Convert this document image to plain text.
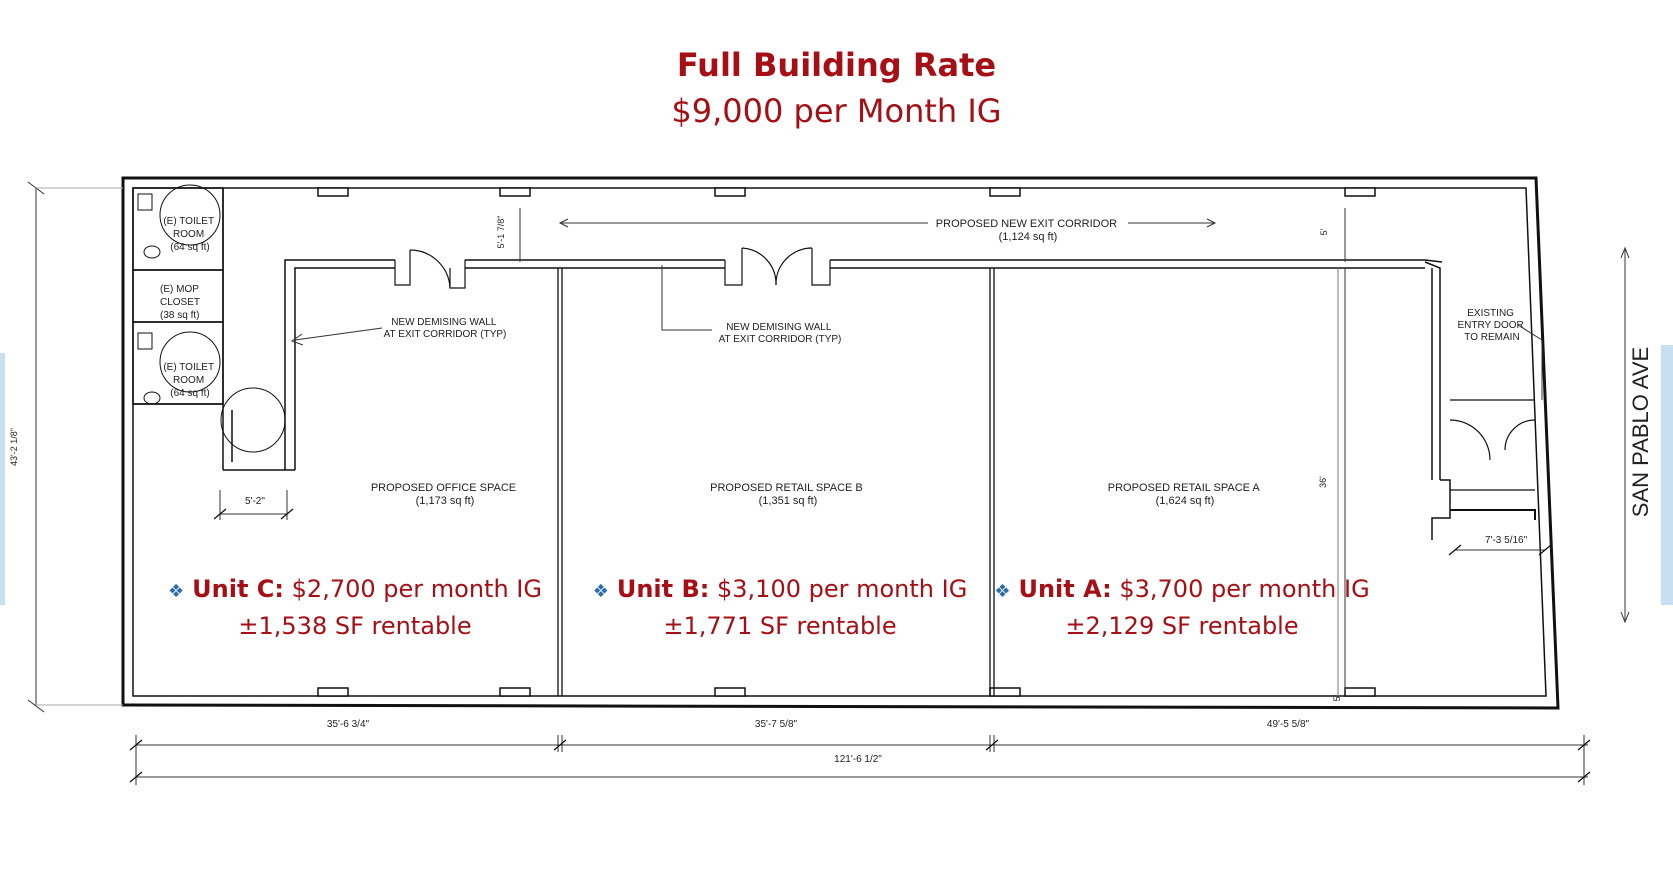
Full Building Rate
$9,000 per Month IG
(E) TOILET ROOM (64 sq ft)
(E) MOP CLOSET (38 sq ft)
(E) TOILET ROOM (64 sq ft)
PROPOSED NEW EXIT CORRIDOR (1,124 sq ft)
PROPOSED OFFICE SPACE (1,173 sq ft)
PROPOSED RETAIL SPACE B (1,351 sq ft)
PROPOSED RETAIL SPACE A (1,624 sq ft)
NEW DEMISING WALL AT EXIT CORRIDOR (TYP)
NEW DEMISING WALL AT EXIT CORRIDOR (TYP)
EXISTING ENTRY DOOR TO REMAIN
43'-2 1/8"
5'-1 7/8"	5'
36'
5'
5'-2"
7'-3 5/16"
35'-6 3/4"	35'-7 5/8"	49'-5 5/8"
121'-6 1/2"
SAN PABLO AVE
❖ Unit C: $2,700 per month IG
±1,538 SF rentable
❖ Unit B: $3,100 per month IG
±1,771 SF rentable
❖ Unit A: $3,700 per month IG
±2,129 SF rentable
